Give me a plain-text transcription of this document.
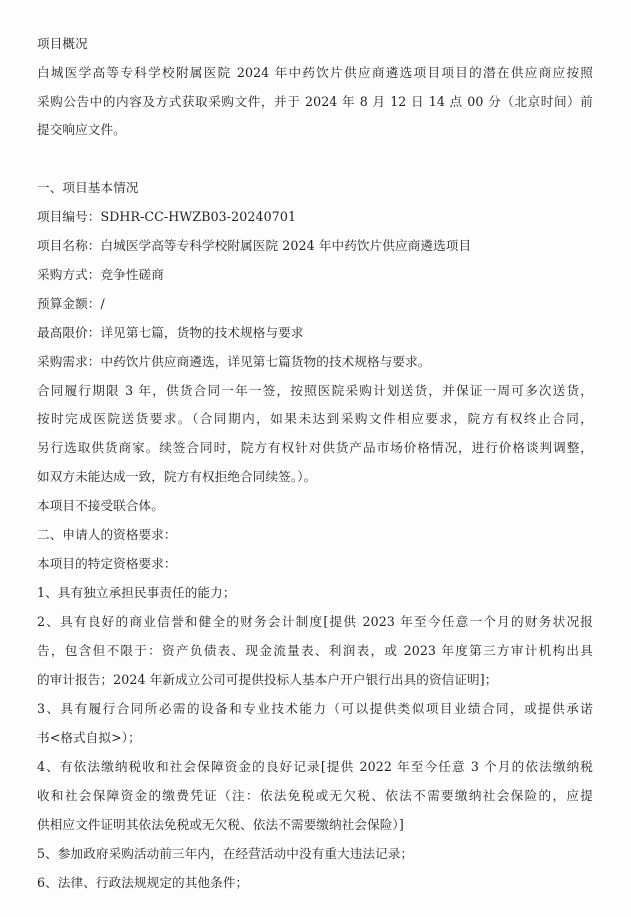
项目概况
白城医学高等专科学校附属医院 2024 年中药饮片供应商遴选项目项目的潜在供应商应按照
采购公告中的内容及方式获取采购文件，并于 2024 年 8 月 12 日 14 点 00 分（北京时间）前
提交响应文件。
一、项目基本情况
项目编号：SDHR-CC-HWZB03-20240701
项目名称：白城医学高等专科学校附属医院 2024 年中药饮片供应商遴选项目
采购方式：竞争性磋商
预算金额：/
最高限价：详见第七篇，货物的技术规格与要求
采购需求：中药饮片供应商遴选，详见第七篇货物的技术规格与要求。
合同履行期限 3 年，供货合同一年一签，按照医院采购计划送货，并保证一周可多次送货，
按时完成医院送货要求。（合同期内，如果未达到采购文件相应要求，院方有权终止合同，
另行选取供货商家。续签合同时，院方有权针对供货产品市场价格情况，进行价格谈判调整，
如双方未能达成一致，院方有权拒绝合同续签。）。
本项目不接受联合体。
二、申请人的资格要求：
本项目的特定资格要求：
1、具有独立承担民事责任的能力；
2、具有良好的商业信誉和健全的财务会计制度[提供 2023 年至今任意一个月的财务状况报
告，包含但不限于：资产负债表、现金流量表、利润表，或 2023 年度第三方审计机构出具
的审计报告；2024 年新成立公司可提供投标人基本户开户银行出具的资信证明]；
3、具有履行合同所必需的设备和专业技术能力（可以提供类似项目业绩合同，或提供承诺
书<格式自拟>）；
4、有依法缴纳税收和社会保障资金的良好记录[提供 2022 年至今任意 3 个月的依法缴纳税
收和社会保障资金的缴费凭证（注：依法免税或无欠税、依法不需要缴纳社会保险的，应提
供相应文件证明其依法免税或无欠税、依法不需要缴纳社会保险）]
5、参加政府采购活动前三年内，在经营活动中没有重大违法记录；
6、法律、行政法规规定的其他条件；
